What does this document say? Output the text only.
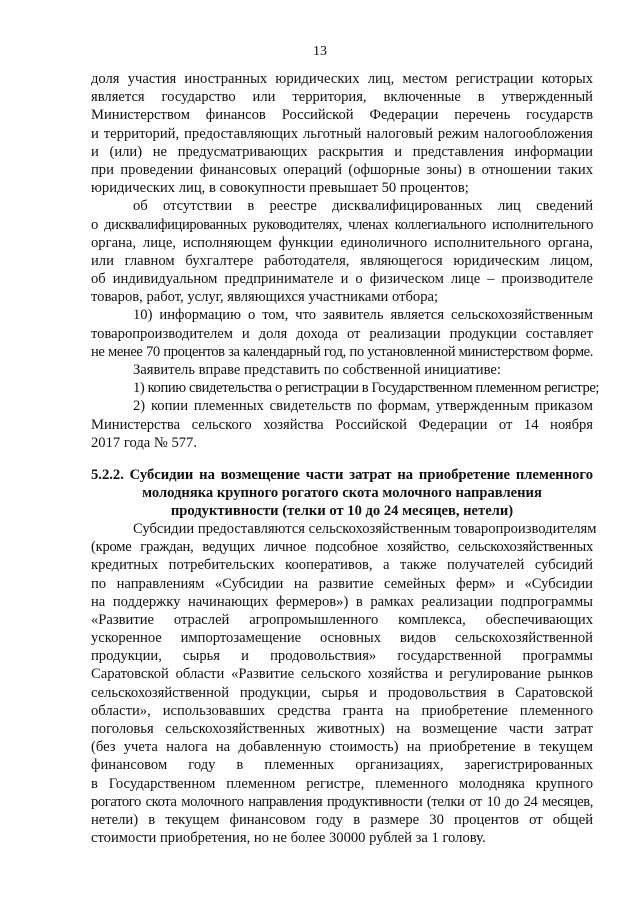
13
доля участия иностранных юридических лиц, местом регистрации которых
является государство или территория, включенные в утвержденный
Министерством финансов Российской Федерации перечень государств
и территорий, предоставляющих льготный налоговый режим налогообложения
и (или) не предусматривающих раскрытия и представления информации
при проведении финансовых операций (офшорные зоны) в отношении таких
юридических лиц, в совокупности превышает 50 процентов;
об отсутствии в реестре дисквалифицированных лиц сведений
о дисквалифицированных руководителях, членах коллегиального исполнительного
органа, лице, исполняющем функции единоличного исполнительного органа,
или главном бухгалтере работодателя, являющегося юридическим лицом,
об индивидуальном предпринимателе и о физическом лице – производителе
товаров, работ, услуг, являющихся участниками отбора;
10) информацию о том, что заявитель является сельскохозяйственным
товаропроизводителем и доля дохода от реализации продукции составляет
не менее 70 процентов за календарный год, по установленной министерством форме.
Заявитель вправе представить по собственной инициативе:
1) копию свидетельства о регистрации в Государственном племенном регистре;
2) копии племенных свидетельств по формам, утвержденным приказом
Министерства сельского хозяйства Российской Федерации от 14 ноября
2017 года № 577.
5.2.2. Субсидии на возмещение части затрат на приобретение племенного
молодняка крупного рогатого скота молочного направления
продуктивности (телки от 10 до 24 месяцев, нетели)
Субсидии предоставляются сельскохозяйственным товаропроизводителям
(кроме граждан, ведущих личное подсобное хозяйство, сельскохозяйственных
кредитных потребительских кооперативов, а также получателей субсидий
по направлениям «Субсидии на развитие семейных ферм» и «Субсидии
на поддержку начинающих фермеров») в рамках реализации подпрограммы
«Развитие отраслей агропромышленного комплекса, обеспечивающих
ускоренное импортозамещение основных видов сельскохозяйственной
продукции, сырья и продовольствия» государственной программы
Саратовской области «Развитие сельского хозяйства и регулирование рынков
сельскохозяйственной продукции, сырья и продовольствия в Саратовской
области», использовавших средства гранта на приобретение племенного
поголовья сельскохозяйственных животных) на возмещение части затрат
(без учета налога на добавленную стоимость) на приобретение в текущем
финансовом году в племенных организациях, зарегистрированных
в Государственном племенном регистре, племенного молодняка крупного
рогатого скота молочного направления продуктивности (телки от 10 до 24 месяцев,
нетели) в текущем финансовом году в размере 30 процентов от общей
стоимости приобретения, но не более 30000 рублей за 1 голову.
